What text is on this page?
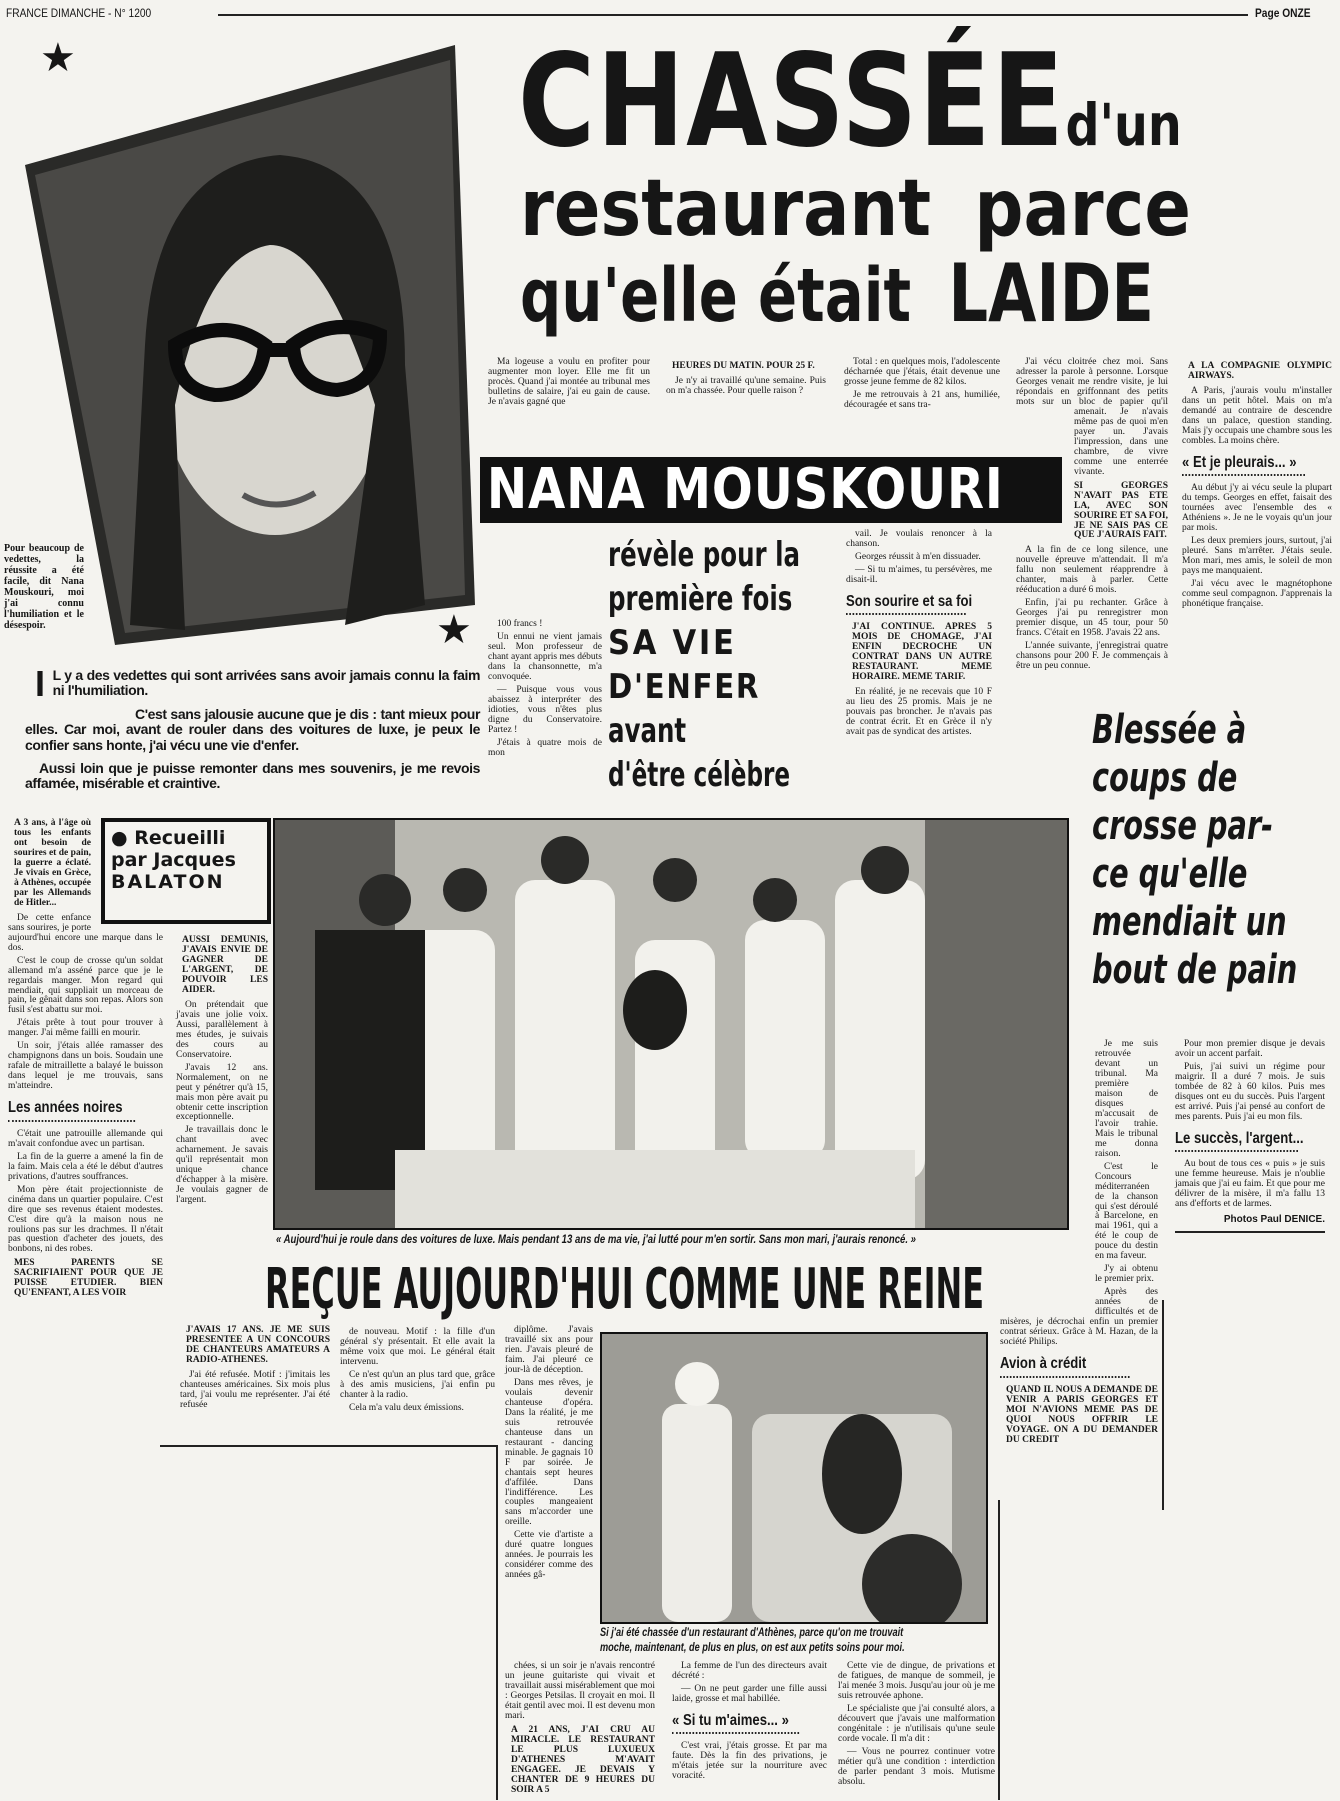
FRANCE DIMANCHE - N° 1200	Page ONZE
★
★
Pour beaucoup de vedettes, la réussite a été facile, dit Nana Mouskouri, moi j'ai connu l'humiliation et le désespoir.
CHASSÉEd'un
restaurant parce
qu'elle était LAIDE
NANA MOUSKOURI
révèle pour la
première fois
SA VIE
D'ENFER
avant
d'être célèbre
I L y a des vedettes qui sont arrivées sans avoir jamais connu la faim ni l'humiliation.

C'est sans jalousie aucune que je dis : tant mieux pour elles. Car moi, avant de rouler dans des voitures de luxe, je peux le confier sans honte, j'ai vécu une vie d'enfer.

Aussi loin que je puisse remonter dans mes souvenirs, je me revois affamée, misérable et craintive.

● Recueilli
par Jacques
BALATON

A 3 ans, à l'âge où tous les enfants ont besoin de sourires et de pain, la guerre a éclaté. Je vivais en Grèce, à Athènes, occupée par les Allemands de Hitler...

De cette enfance sans sourires, je porte aujourd'hui encore une marque dans le dos.

C'est le coup de crosse qu'un soldat allemand m'a asséné parce que je le regardais manger. Mon regard qui mendiait, qui suppliait un morceau de pain, le gênait dans son repas. Alors son fusil s'est abattu sur moi.

J'étais prête à tout pour trouver à manger. J'ai même failli en mourir.

Un soir, j'étais allée ramasser des champignons dans un bois. Soudain une rafale de mitraillette a balayé le buisson dans lequel je me trouvais, sans m'atteindre.

Les années noires

C'était une patrouille allemande qui m'avait confondue avec un partisan.

La fin de la guerre a amené la fin de la faim. Mais cela a été le début d'autres privations, d'autres souffrances.

Mon père était projectionniste de cinéma dans un quartier populaire. C'est dire que ses revenus étaient modestes. C'est dire qu'à la maison nous ne roulions pas sur les drachmes. Il n'était pas question d'acheter des jouets, des bonbons, ni des robes.

MES PARENTS SE SACRIFIAIENT POUR QUE JE PUISSE ETUDIER. BIEN QU'ENFANT, A LES VOIR

AUSSI DEMUNIS, J'AVAIS ENVIE DE GAGNER DE L'ARGENT, DE POUVOIR LES AIDER.

On prétendait que j'avais une jolie voix. Aussi, parallèlement à mes études, je suivais des cours au Conservatoire.

J'avais 12 ans. Normalement, on ne peut y pénétrer qu'à 15, mais mon père avait pu obtenir cette inscription exceptionnelle.

Je travaillais donc le chant avec acharnement. Je savais qu'il représentait mon unique chance d'échapper à la misère. Je voulais gagner de l'argent.

Ma logeuse a voulu en profiter pour augmenter mon loyer. Elle me fit un procès. Quand j'ai montée au tribunal mes bulletins de salaire, j'ai eu gain de cause. Je n'avais gagné que

HEURES DU MATIN. POUR 25 F.

Je n'y ai travaillé qu'une semaine. Puis on m'a chassée. Pour quelle raison ?

Total : en quelques mois, l'adolescente décharnée que j'étais, était devenue une grosse jeune femme de 82 kilos.

Je me retrouvais à 21 ans, humiliée, découragée et sans tra-

J'ai vécu cloitrée chez moi. Sans adresser la parole à personne. Lorsque Georges venait me rendre visite, je lui répondais en griffonnant des petits mots sur un bloc de papier qu'il amenait. Je n'avais même pas de quoi m'en payer un. J'avais l'impression, dans une chambre, de vivre comme une enterrée vivante.

SI GEORGES N'AVAIT PAS ETE LA, AVEC SON SOURIRE ET SA FOI, JE NE SAIS PAS CE QUE J'AURAIS FAIT.

A la fin de ce long silence, une nouvelle épreuve m'attendait. Il m'a fallu non seulement réapprendre à chanter, mais à parler. Cette rééducation a duré 6 mois.

Enfin, j'ai pu rechanter. Grâce à Georges j'ai pu renregistrer mon premier disque, un 45 tour, pour 50 francs. C'était en 1958. J'avais 22 ans.

L'année suivante, j'enregistrai quatre chansons pour 200 F. Je commençais à être un peu connue.

A LA COMPAGNIE OLYMPIC AIRWAYS.

A Paris, j'aurais voulu m'installer dans un petit hôtel. Mais on m'a demandé au contraire de descendre dans un palace, question standing. Mais j'y occupais une chambre sous les combles. La moins chère.

« Et je pleurais... »

Au début j'y ai vécu seule la plupart du temps. Georges en effet, faisait des tournées avec l'ensemble des « Athéniens ». Je ne le voyais qu'un jour par mois.

Les deux premiers jours, surtout, j'ai pleuré. Sans m'arrêter. J'étais seule. Mon mari, mes amis, le soleil de mon pays me manquaient.

J'ai vécu avec le magnétophone comme seul compagnon. J'apprenais la phonétique française.

100 francs !

Un ennui ne vient jamais seul. Mon professeur de chant ayant appris mes débuts dans la chansonnette, m'a convoquée.

— Puisque vous vous abaissez à interpréter des idioties, vous n'êtes plus digne du Conservatoire. Partez !

J'étais à quatre mois de mon

vail. Je voulais renoncer à la chanson.

Georges réussit à m'en dissuader.

— Si tu m'aimes, tu persévères, me disait-il.

Son sourire et sa foi

J'AI CONTINUE. APRES 5 MOIS DE CHOMAGE, J'AI ENFIN DECROCHE UN CONTRAT DANS UN AUTRE RESTAURANT. MEME HORAIRE. MEME TARIF.

En réalité, je ne recevais que 10 F au lieu des 25 promis. Mais je ne pouvais pas broncher. Je n'avais pas de contrat écrit. Et en Grèce il n'y avait pas de syndicat des artistes.

Je me suis retrouvée devant un tribunal. Ma première maison de disques m'accusait de l'avoir trahie. Mais le tribunal me donna raison.

C'est le Concours méditerranéen de la chanson qui s'est déroulé à Barcelone, en mai 1961, qui a été le coup de pouce du destin en ma faveur.

J'y ai obtenu le premier prix.

Après des années de difficultés et de misères, je décrochai enfin un premier contrat sérieux. Grâce à M. Hazan, de la société Philips.

Avion à crédit

QUAND IL NOUS A DEMANDE DE VENIR A PARIS GEORGES ET MOI N'AVIONS MEME PAS DE QUOI NOUS OFFRIR LE VOYAGE. ON A DU DEMANDER DU CREDIT

Pour mon premier disque je devais avoir un accent parfait.

Puis, j'ai suivi un régime pour maigrir. Il a duré 7 mois. Je suis tombée de 82 à 60 kilos. Puis mes disques ont eu du succès. Puis l'argent est arrivé. Puis j'ai pensé au confort de mes parents. Puis j'ai eu mon fils.

Le succès, l'argent...

Au bout de tous ces « puis » je suis une femme heureuse. Mais je n'oublie jamais que j'ai eu faim. Et que pour me délivrer de la misère, il m'a fallu 13 ans d'efforts et de larmes.

Photos Paul DENICE.
Blessée à
coups de
crosse par-
ce qu'elle
mendiait un
bout de pain
« Aujourd'hui je roule dans des voitures de luxe. Mais pendant 13 ans de ma vie, j'ai lutté pour m'en sortir. Sans mon mari, j'aurais renoncé. »
REÇUE AUJOURD'HUI COMME UNE REINE

J'AVAIS 17 ANS. JE ME SUIS PRESENTEE A UN CONCOURS DE CHANTEURS AMATEURS A RADIO-ATHENES.

J'ai été refusée. Motif : j'imitais les chanteuses américaines. Six mois plus tard, j'ai voulu me représenter. J'ai été refusée

de nouveau. Motif : la fille d'un général s'y présentait. Et elle avait la même voix que moi. Le général était intervenu.

Ce n'est qu'un an plus tard que, grâce à des amis musiciens, j'ai enfin pu chanter à la radio.

Cela m'a valu deux émissions.

diplôme. J'avais travaillé six ans pour rien. J'avais pleuré de faim. J'ai pleuré ce jour-là de déception.

Dans mes rêves, je voulais devenir chanteuse d'opéra. Dans la réalité, je me suis retrouvée chanteuse dans un restaurant - dancing minable. Je gagnais 10 F par soirée. Je chantais sept heures d'affilée. Dans l'indifférence. Les couples mangeaient sans m'accorder une oreille.

Cette vie d'artiste a duré quatre longues années. Je pourrais les considérer comme des années gâ-

Si j'ai été chassée d'un restaurant d'Athènes, parce qu'on me trouvait
moche, maintenant, de plus en plus, on est aux petits soins pour moi.

chées, si un soir je n'avais rencontré un jeune guitariste qui vivait et travaillait aussi misérablement que moi : Georges Petsilas. Il croyait en moi. Il était gentil avec moi. Il est devenu mon mari.

A 21 ANS, J'AI CRU AU MIRACLE. LE RESTAURANT LE PLUS LUXUEUX D'ATHENES M'AVAIT ENGAGEE. JE DEVAIS Y CHANTER DE 9 HEURES DU SOIR A 5

La femme de l'un des directeurs avait décrété :

— On ne peut garder une fille aussi laide, grosse et mal habillée.

« Si tu m'aimes... »

C'est vrai, j'étais grosse. Et par ma faute. Dès la fin des privations, je m'étais jetée sur la nourriture avec voracité.

Cette vie de dingue, de privations et de fatigues, de manque de sommeil, je l'ai menée 3 mois. Jusqu'au jour où je me suis retrouvée aphone.

Le spécialiste que j'ai consulté alors, a découvert que j'avais une malformation congénitale : je n'utilisais qu'une seule corde vocale. Il m'a dit :

— Vous ne pourrez continuer votre métier qu'à une condition : interdiction de parler pendant 3 mois. Mutisme absolu.
